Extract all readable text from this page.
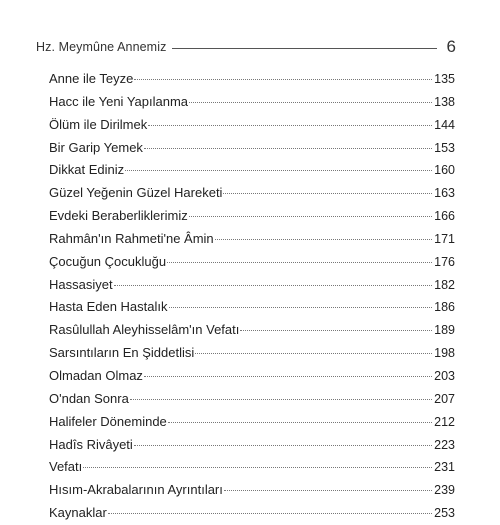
Hz. Meymûne Annemiz	6
Anne ile Teyze	135
Hacc ile Yeni Yapılanma	138
Ölüm ile Dirilmek	144
Bir Garip Yemek	153
Dikkat Ediniz	160
Güzel Yeğenin Güzel Hareketi	163
Evdeki Beraberliklerimiz	166
Rahmân'ın Rahmeti'ne Âmin	171
Çocuğun Çocukluğu	176
Hassasiyet	182
Hasta Eden Hastalık	186
Rasûlullah Aleyhisselâm'ın Vefatı	189
Sarsıntıların En Şiddetlisi	198
Olmadan Olmaz	203
O'ndan Sonra	207
Halifeler Döneminde	212
Hadîs Rivâyeti	223
Vefatı	231
Hısım-Akrabalarının Ayrıntıları	239
Kaynaklar	253
